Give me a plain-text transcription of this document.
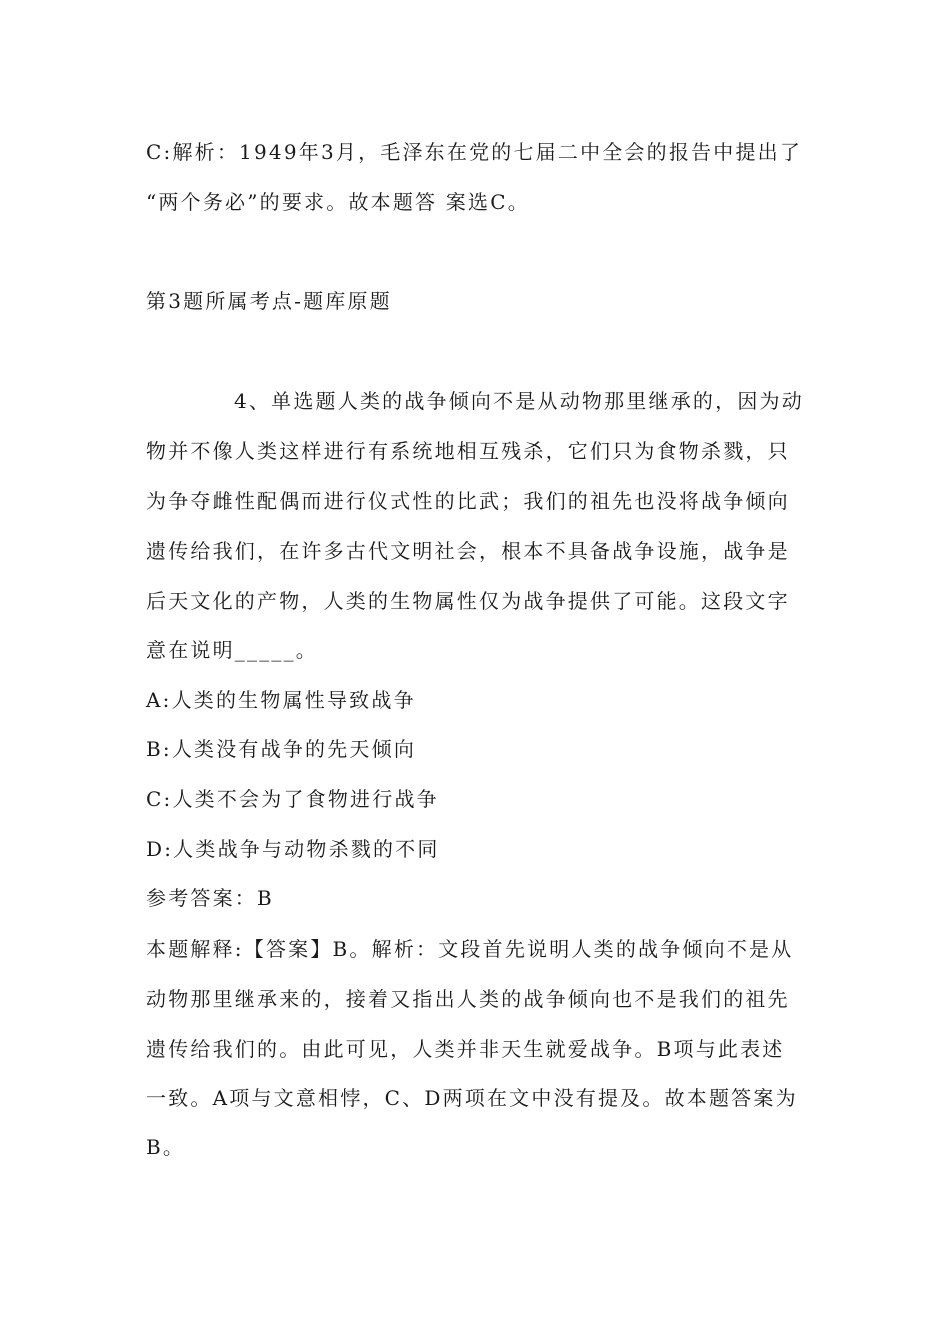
C:解析：1949年3月，毛泽东在党的七届二中全会的报告中提出了
“两个务必”的要求。故本题答 案选C。
第3题所属考点-题库原题
4、单选题人类的战争倾向不是从动物那里继承的，因为动
物并不像人类这样进行有系统地相互残杀，它们只为食物杀戮，只
为争夺雌性配偶而进行仪式性的比武；我们的祖先也没将战争倾向
遗传给我们，在许多古代文明社会，根本不具备战争设施，战争是
后天文化的产物，人类的生物属性仅为战争提供了可能。这段文字
意在说明_____。
A:人类的生物属性导致战争
B:人类没有战争的先天倾向
C:人类不会为了食物进行战争
D:人类战争与动物杀戮的不同
参考答案：B
本题解释:【答案】B。解析：文段首先说明人类的战争倾向不是从
动物那里继承来的，接着又指出人类的战争倾向也不是我们的祖先
遗传给我们的。由此可见，人类并非天生就爱战争。B项与此表述
一致。A项与文意相悖，C、D两项在文中没有提及。故本题答案为
B。
